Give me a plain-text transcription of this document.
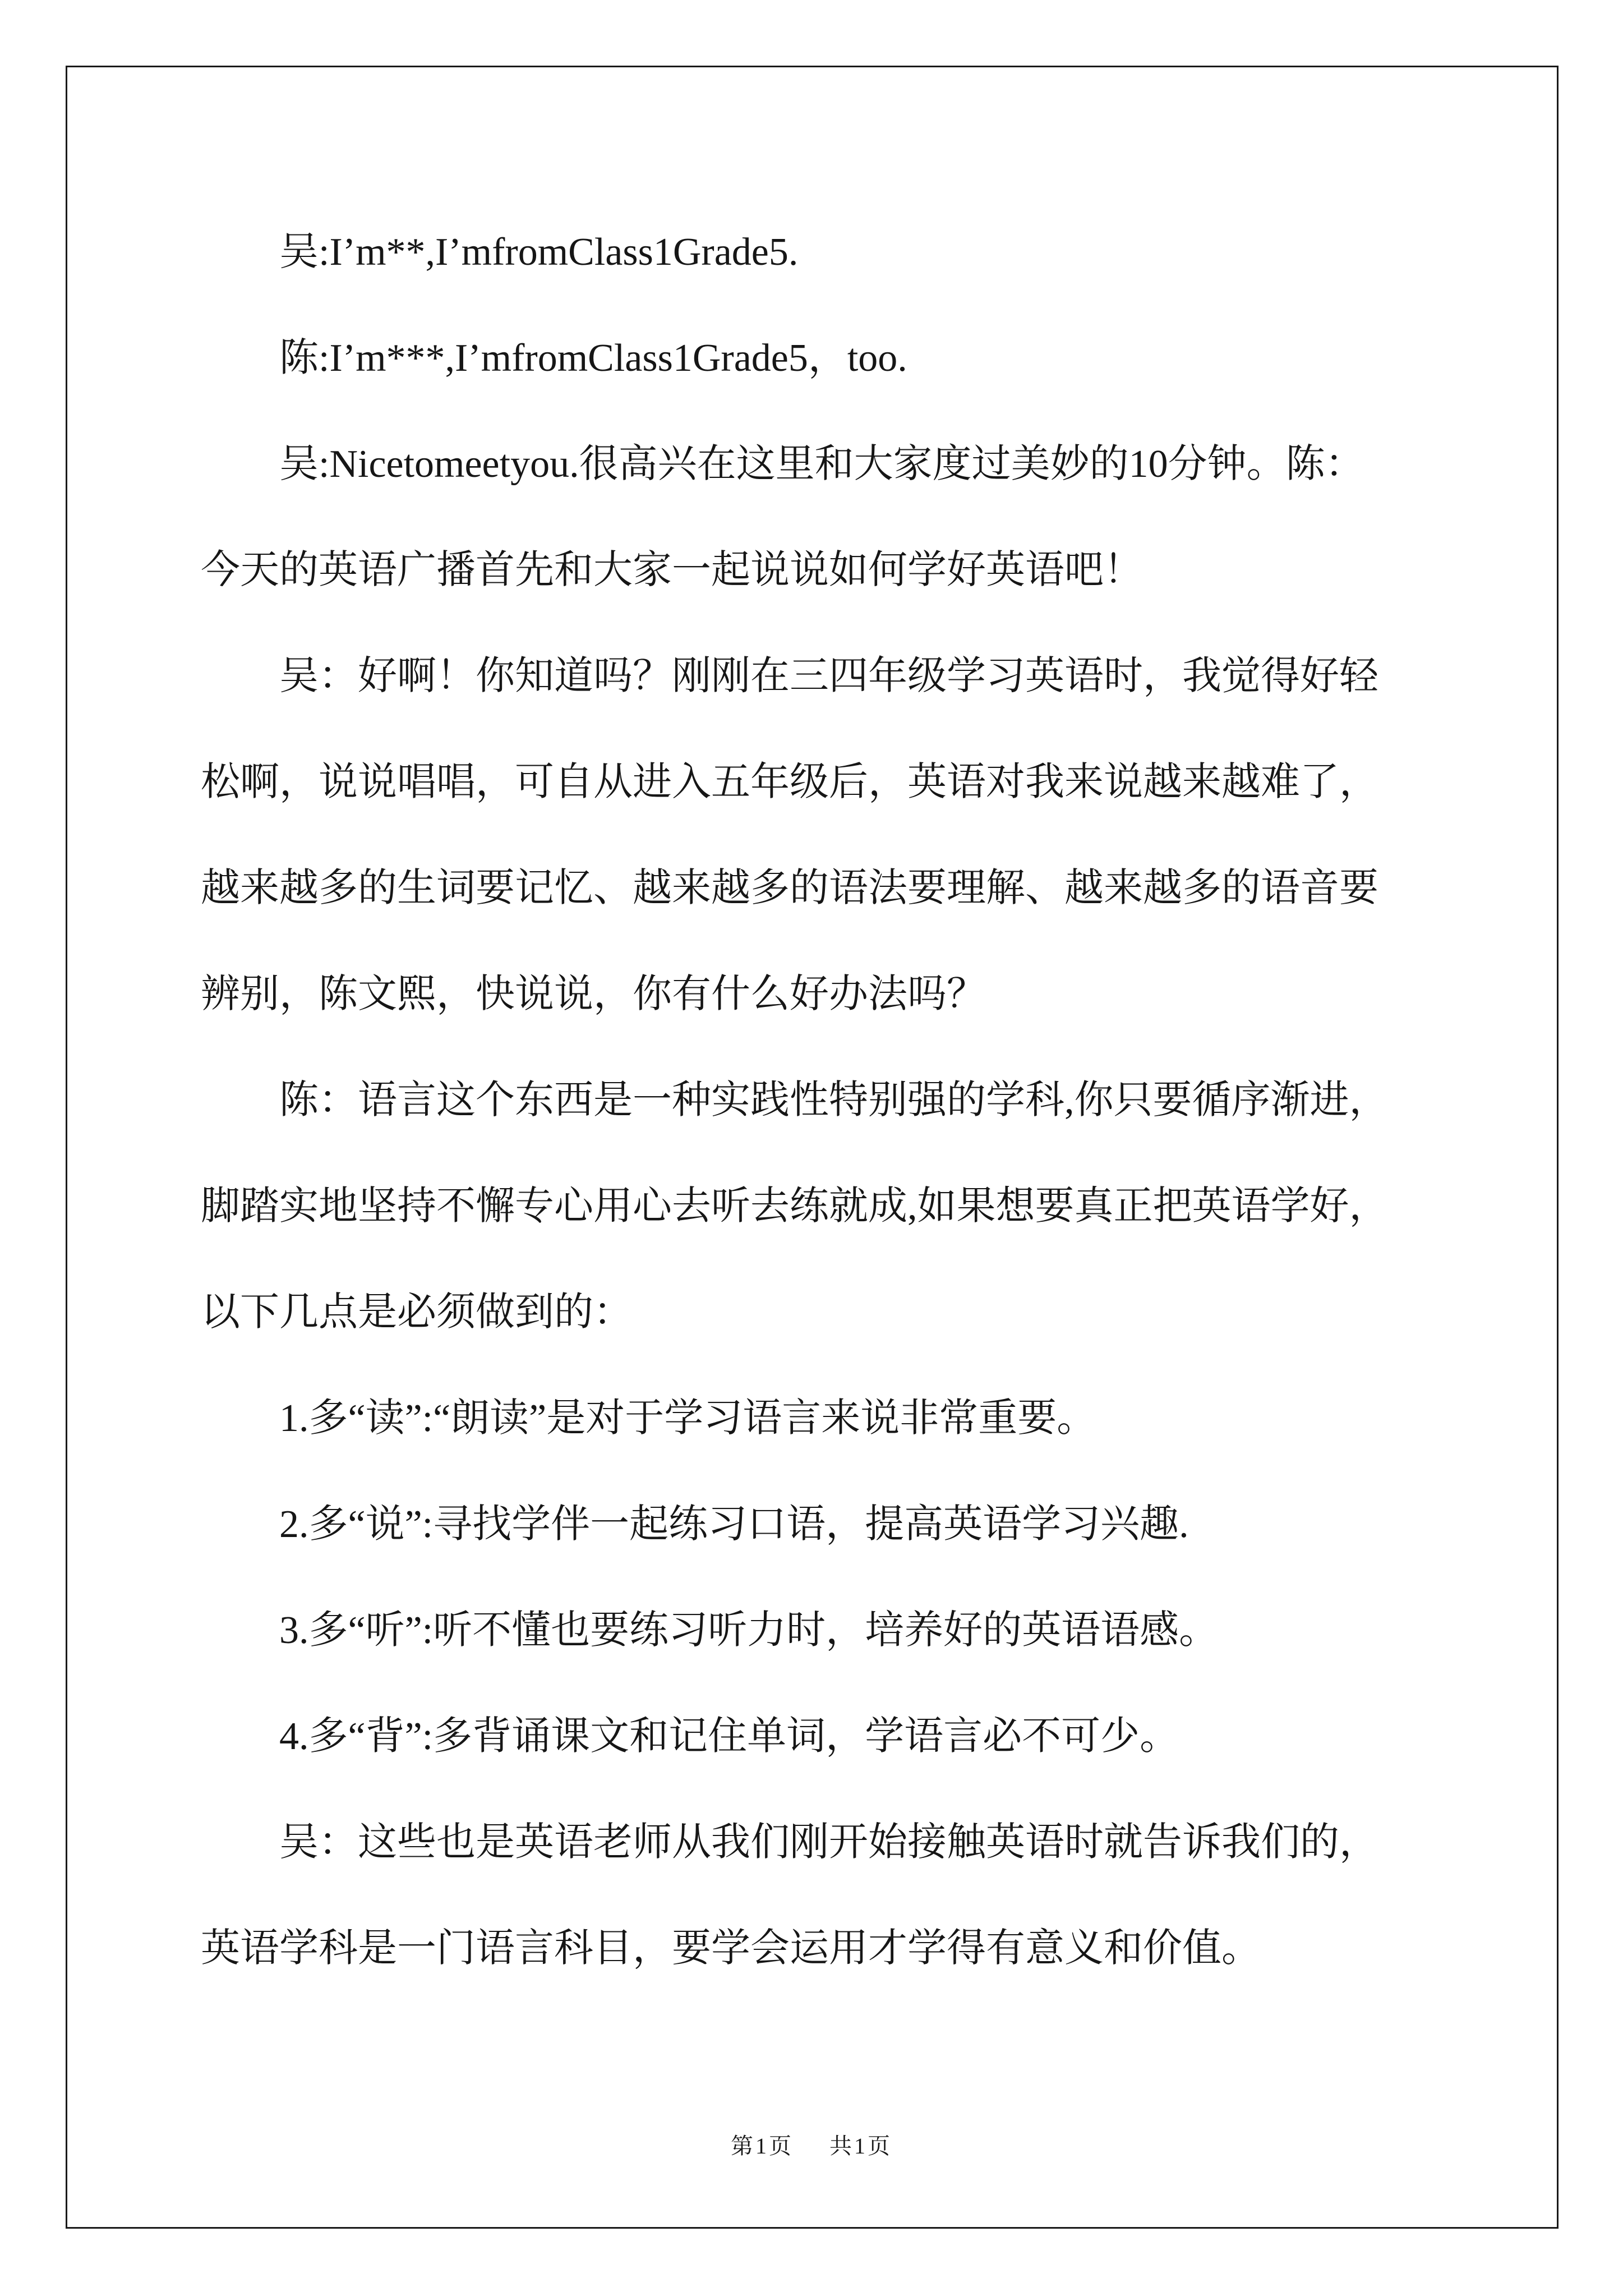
吴:I’m**,I’mfromClass1Grade5.
陈:I’m***,I’mfromClass1Grade5，too.
吴:Nicetomeetyou.很高兴在这里和大家度过美妙的10分钟。陈：
今天的英语广播首先和大家一起说说如何学好英语吧！
吴：好啊！你知道吗？刚刚在三四年级学习英语时，我觉得好轻
松啊，说说唱唱，可自从进入五年级后，英语对我来说越来越难了，
越来越多的生词要记忆、越来越多的语法要理解、越来越多的语音要
辨别，陈文熙，快说说，你有什么好办法吗？
陈：语言这个东西是一种实践性特别强的学科,你只要循序渐进，
脚踏实地坚持不懈专心用心去听去练就成,如果想要真正把英语学好，
以下几点是必须做到的：
1.多“读”:“朗读”是对于学习语言来说非常重要。
2.多“说”:寻找学伴一起练习口语，提高英语学习兴趣.
3.多“听”:听不懂也要练习听力时，培养好的英语语感。
4.多“背”:多背诵课文和记住单词，学语言必不可少。
吴：这些也是英语老师从我们刚开始接触英语时就告诉我们的，
英语学科是一门语言科目，要学会运用才学得有意义和价值。
第1页 共1页
